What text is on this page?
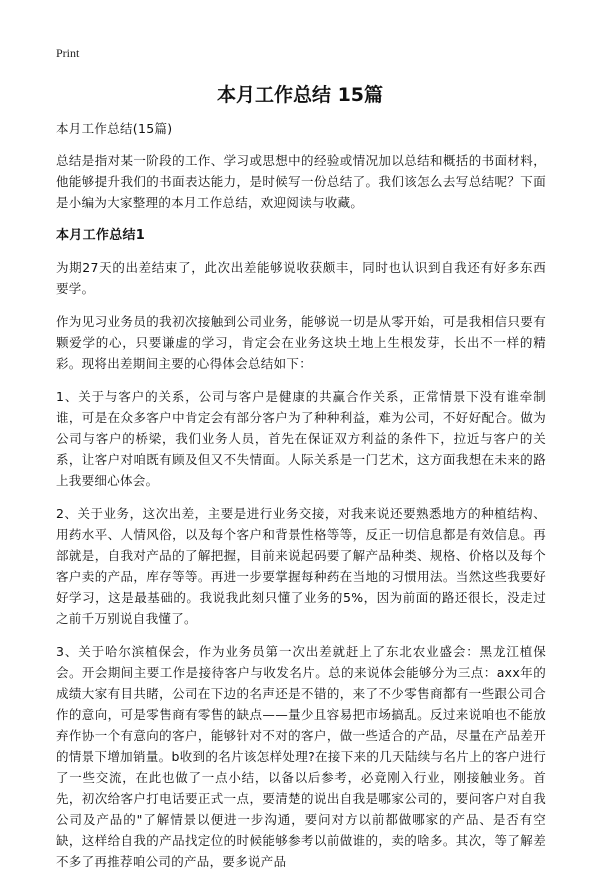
Print
本月工作总结 15篇

本月工作总结(15篇)

总结是指对某一阶段的工作、学习或思想中的经验或情况加以总结和概括的书面材料，他能够提升我们的书面表达能力，是时候写一份总结了。我们该怎么去写总结呢？下面是小编为大家整理的本月工作总结，欢迎阅读与收藏。

本月工作总结1

为期27天的出差结束了，此次出差能够说收获颇丰，同时也认识到自我还有好多东西要学。

作为见习业务员的我初次接触到公司业务，能够说一切是从零开始，可是我相信只要有颗爱学的心，只要谦虚的学习，肯定会在业务这块土地上生根发芽，长出不一样的精彩。现将出差期间主要的心得体会总结如下：

1、关于与客户的关系，公司与客户是健康的共赢合作关系，正常情景下没有谁牵制谁，可是在众多客户中肯定会有部分客户为了种种利益，难为公司，不好好配合。做为公司与客户的桥梁，我们业务人员，首先在保证双方利益的条件下，拉近与客户的关系，让客户对咱既有顾及但又不失情面。人际关系是一门艺术，这方面我想在未来的路上我要细心体会。

2、关于业务，这次出差，主要是进行业务交接，对我来说还要熟悉地方的种植结构、用药水平、人情风俗，以及每个客户和背景性格等等，反正一切信息都是有效信息。再部就是，自我对产品的了解把握，目前来说起码要了解产品种类、规格、价格以及每个客户卖的产品，库存等等。再进一步要掌握每种药在当地的习惯用法。当然这些我要好好学习，这是最基础的。我说我此刻只懂了业务的5%，因为前面的路还很长，没走过之前千万别说自我懂了。

3、关于哈尔滨植保会，作为业务员第一次出差就赶上了东北农业盛会：黑龙江植保会。开会期间主要工作是接待客户与收发名片。总的来说体会能够分为三点：axx年的成绩大家有目共睹，公司在下边的名声还是不错的，来了不少零售商都有一些跟公司合作的意向，可是零售商有零售的缺点——量少且容易把市场搞乱。反过来说咱也不能放弃作协一个有意向的客户，能够针对不对的客户，做一些适合的产品，尽量在产品差开的情景下增加销量。b收到的名片该怎样处理?在接下来的几天陆续与名片上的客户进行了一些交流，在此也做了一点小结，以备以后参考，必竟刚入行业，刚接触业务。首先，初次给客户打电话要正式一点，要清楚的说出自我是哪家公司的，要问客户对自我公司及产品的"了解情景以便进一步沟通，要问对方以前都做哪家的产品、是否有空缺，这样给自我的产品找定位的时候能够参考以前做谁的，卖的啥多。其次，等了解差不多了再推荐咱公司的产品，要多说产品
